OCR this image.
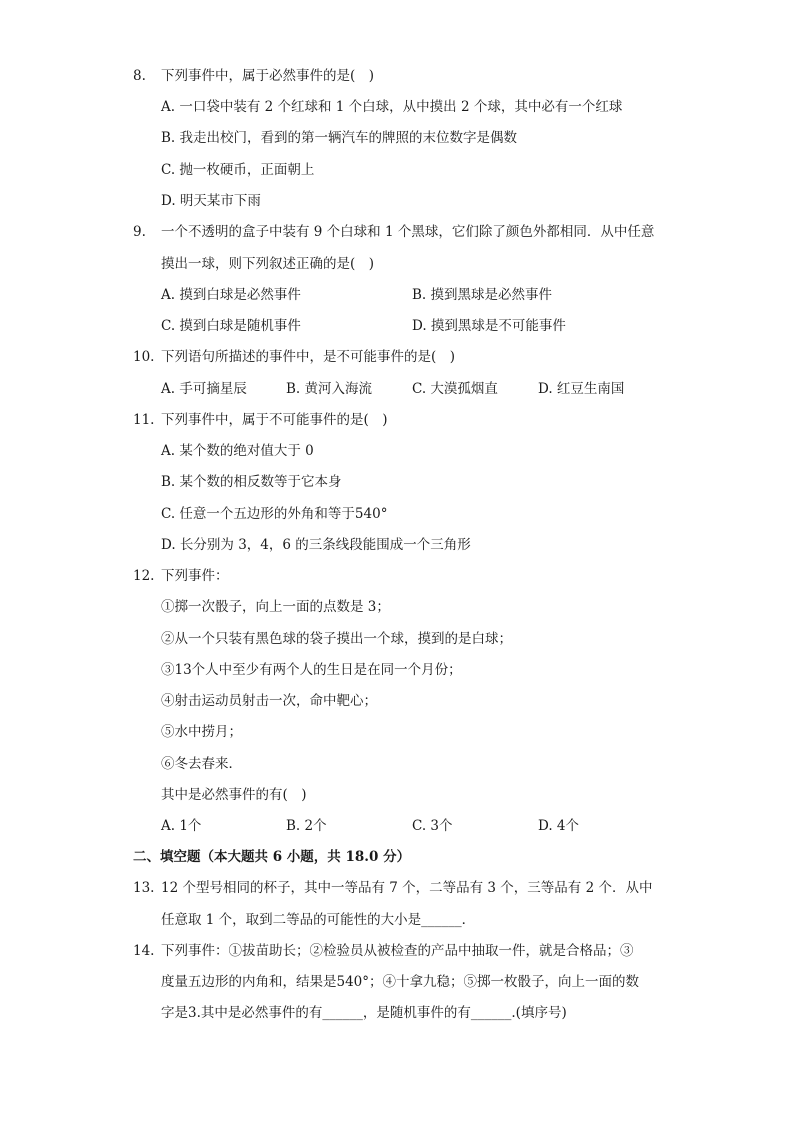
8. 下列事件中，属于必然事件的是(　)
A. 一口袋中装有 2 个红球和 1 个白球，从中摸出 2 个球，其中必有一个红球
B. 我走出校门，看到的第一辆汽车的牌照的末位数字是偶数
C. 抛一枚硬币，正面朝上
D. 明天某市下雨
9. 一个不透明的盒子中装有 9 个白球和 1 个黑球，它们除了颜色外都相同．从中任意
摸出一球，则下列叙述正确的是(　)
A. 摸到白球是必然事件	B. 摸到黑球是必然事件
C. 摸到白球是随机事件	D. 摸到黑球是不可能事件
10. 下列语句所描述的事件中，是不可能事件的是(　)
A. 手可摘星辰	B. 黄河入海流	C. 大漠孤烟直	D. 红豆生南国
11. 下列事件中，属于不可能事件的是(　)
A. 某个数的绝对值大于 0
B. 某个数的相反数等于它本身
C. 任意一个五边形的外角和等于540°
D. 长分别为 3，4，6 的三条线段能围成一个三角形
12. 下列事件：
①掷一次骰子，向上一面的点数是 3；
②从一个只装有黑色球的袋子摸出一个球，摸到的是白球；
③13个人中至少有两个人的生日是在同一个月份；
④射击运动员射击一次，命中靶心；
⑤水中捞月；
⑥冬去春来．
其中是必然事件的有(　)
A. 1个	B. 2个	C. 3个	D. 4个
二、填空题（本大题共 6 小题，共 18.0 分）
13. 12 个型号相同的杯子，其中一等品有 7 个，二等品有 3 个，三等品有 2 个．从中
任意取 1 个，取到二等品的可能性的大小是______．
14. 下列事件：①拔苗助长；②检验员从被检查的产品中抽取一件，就是合格品；③
度量五边形的内角和，结果是540°；④十拿九稳；⑤掷一枚骰子，向上一面的数
字是3.其中是必然事件的有______，是随机事件的有______.(填序号)
